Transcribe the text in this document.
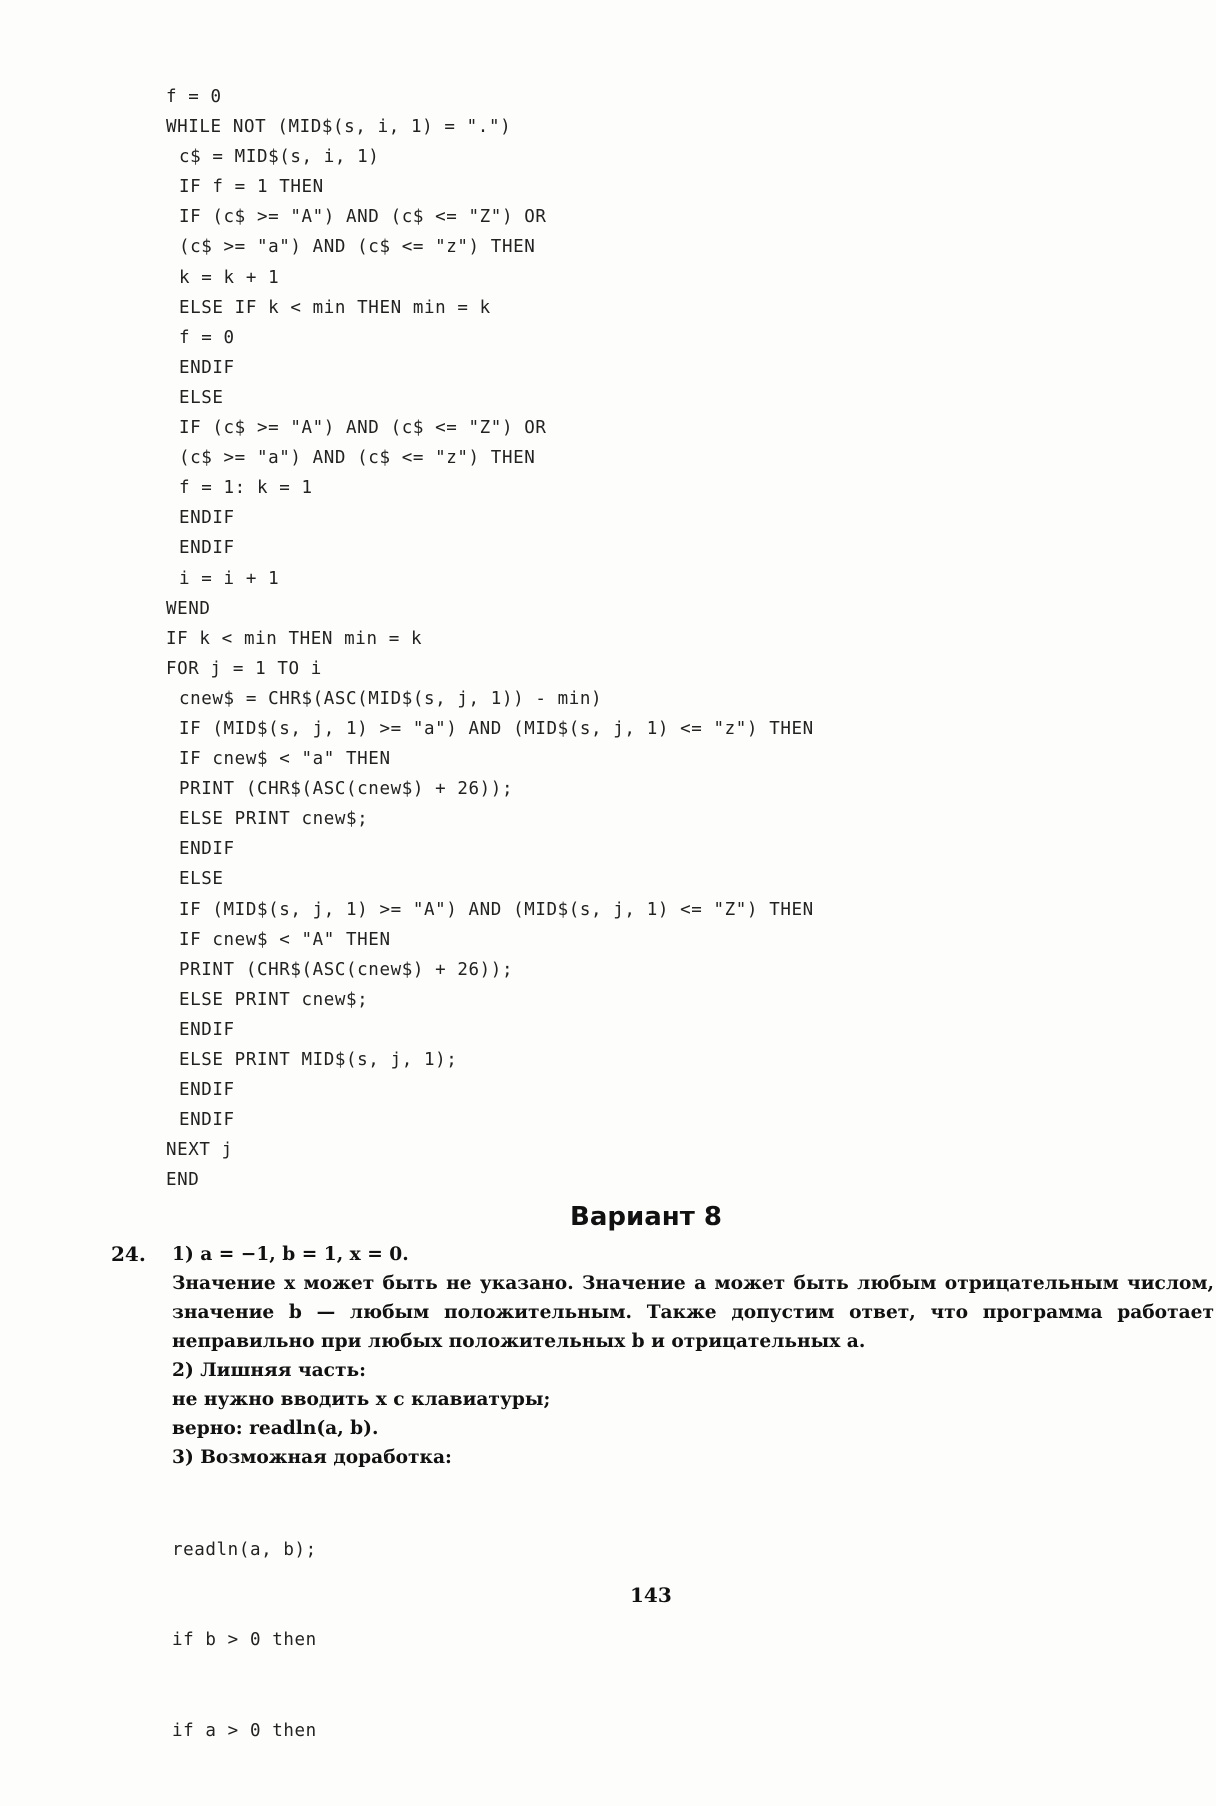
f = 0
WHILE NOT (MID$(s, i, 1) = ".")
c$ = MID$(s, i, 1)
IF f = 1 THEN
IF (c$ >= "A") AND (c$ <= "Z") OR
(c$ >= "a") AND (c$ <= "z") THEN
k = k + 1
ELSE IF k < min THEN min = k
f = 0
ENDIF
ELSE
IF (c$ >= "A") AND (c$ <= "Z") OR
(c$ >= "a") AND (c$ <= "z") THEN
f = 1: k = 1
ENDIF
ENDIF
i = i + 1
WEND
IF k < min THEN min = k
FOR j = 1 TO i
cnew$ = CHR$(ASC(MID$(s, j, 1)) - min)
IF (MID$(s, j, 1) >= "a") AND (MID$(s, j, 1) <= "z") THEN
IF cnew$ < "a" THEN
PRINT (CHR$(ASC(cnew$) + 26));
ELSE PRINT cnew$;
ENDIF
ELSE
IF (MID$(s, j, 1) >= "A") AND (MID$(s, j, 1) <= "Z") THEN
IF cnew$ < "A" THEN
PRINT (CHR$(ASC(cnew$) + 26));
ELSE PRINT cnew$;
ENDIF
ELSE PRINT MID$(s, j, 1);
ENDIF
ENDIF
NEXT j
END
Вариант 8
24. 1) a = −1, b = 1, x = 0.

Значение x может быть не указано. Значение a может быть любым отрицательным числом, значение b — любым положительным. Также допустим ответ, что программа работает неправильно при любых положительных b и отрицательных a.

2) Лишняя часть:

не нужно вводить x с клавиатуры;

верно: readln(a, b).

3) Возможная доработка:

readln(a, b);

if b > 0 then

if a > 0 then

143
